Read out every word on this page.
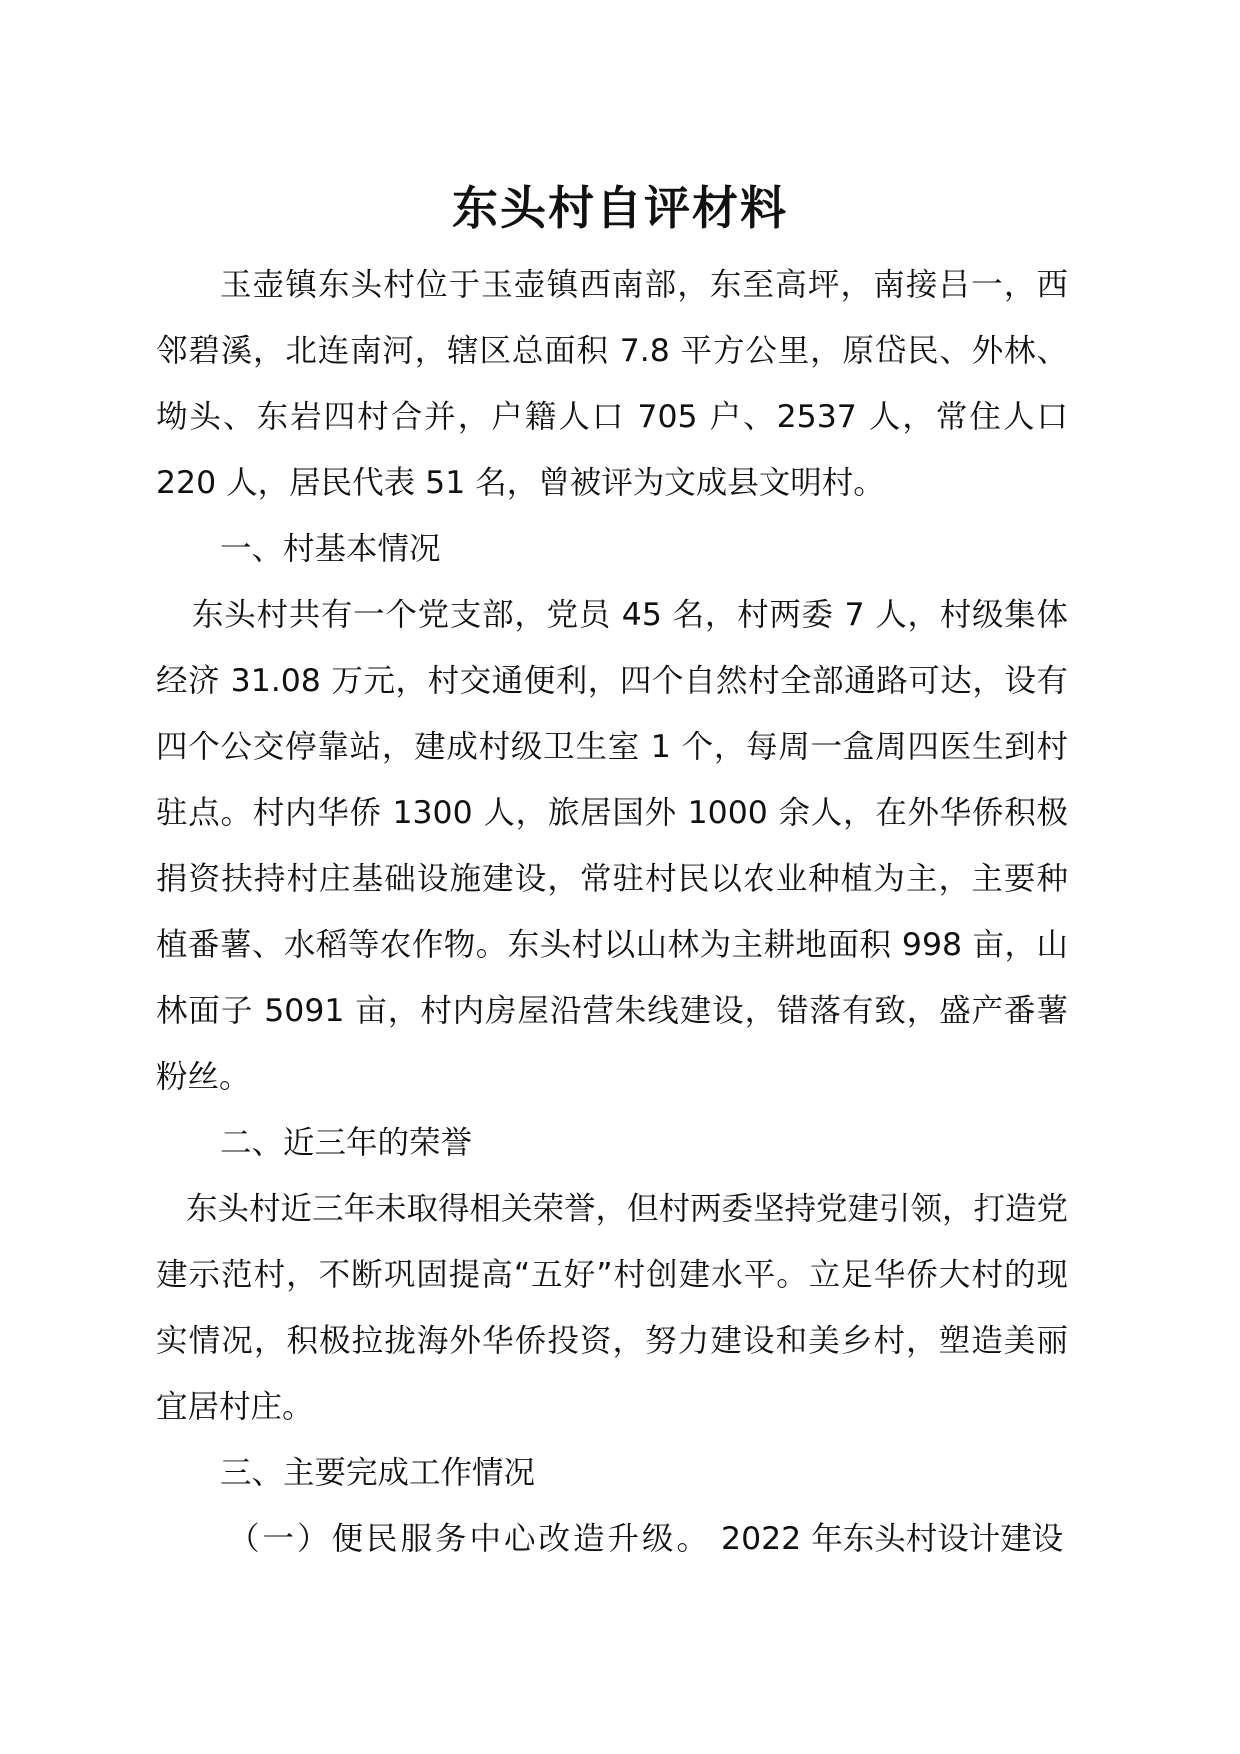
东头村自评材料

玉壶镇东头村位于玉壶镇西南部，东至高坪，南接吕一，西邻碧溪，北连南河，辖区总面积 7.8 平方公里，原岱民、外林、坳头、东岩四村合并，户籍人口 705 户、2537 人，常住人口 220 人，居民代表 51 名，曾被评为文成县文明村。

一、村基本情况

东头村共有一个党支部，党员 45 名，村两委 7 人，村级集体经济 31.08 万元，村交通便利，四个自然村全部通路可达，设有四个公交停靠站，建成村级卫生室 1 个，每周一盒周四医生到村驻点。村内华侨 1300 人，旅居国外 1000 余人，在外华侨积极捐资扶持村庄基础设施建设，常驻村民以农业种植为主，主要种植番薯、水稻等农作物。东头村以山林为主耕地面积 998 亩，山林面子 5091 亩，村内房屋沿营朱线建设，错落有致，盛产番薯粉丝。

二、近三年的荣誉

东头村近三年未取得相关荣誉，但村两委坚持党建引领，打造党建示范村，不断巩固提高“五好”村创建水平。立足华侨大村的现实情况，积极拉拢海外华侨投资，努力建设和美乡村，塑造美丽宜居村庄。

三、主要完成工作情况

（一）便民服务中心改造升级。 2022 年东头村设计建设
